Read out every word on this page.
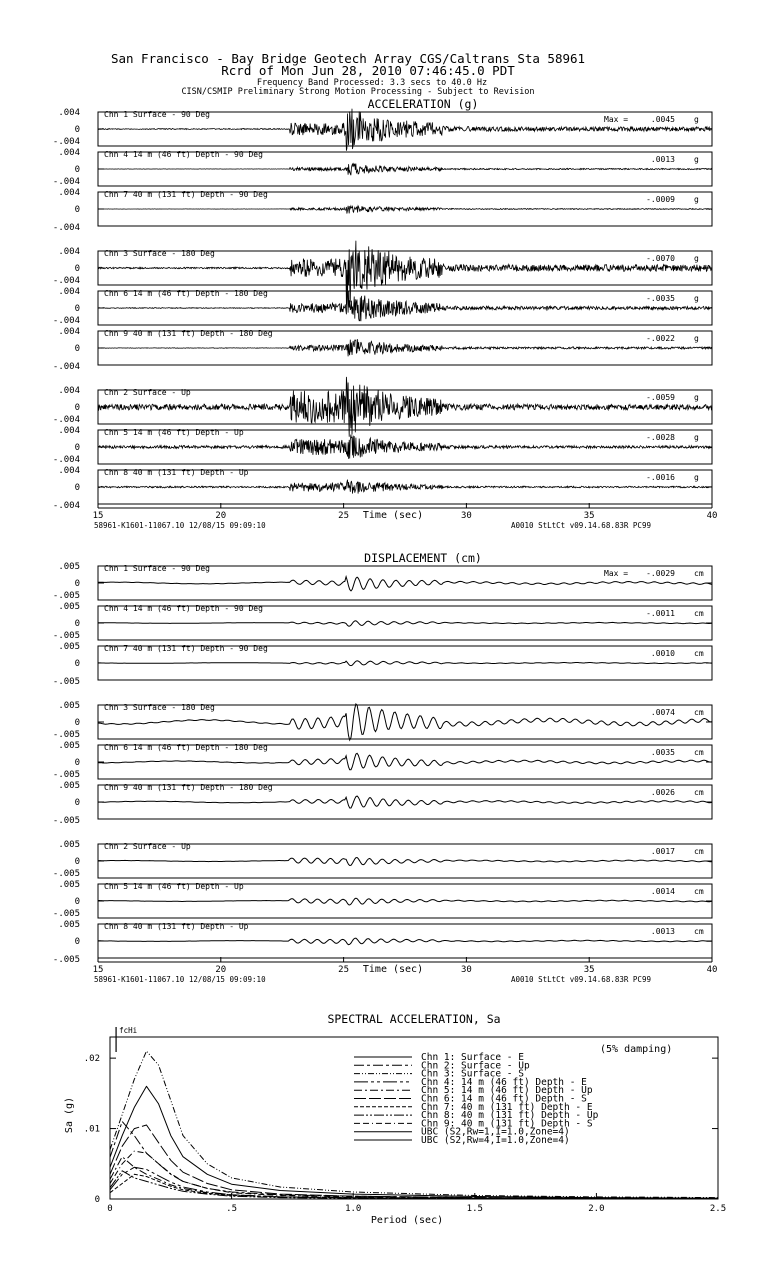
San Francisco - Bay Bridge Geotech Array CGS/Caltrans Sta 58961
Rcrd of Mon Jun 28, 2010 07:46:45.0 PDT
Frequency Band Processed: 3.3 secs to 40.0 Hz
CISN/CSMIP Preliminary Strong Motion Processing - Subject to Revision
ACCELERATION (g)
.004
0
-.004
Chn 1 Surface - 90 Deg
Max =	.0045 g
.004
0
-.004
Chn 4 14 m (46 ft) Depth - 90 Deg
.0013 g
.004
0
-.004
Chn 7 40 m (131 ft) Depth - 90 Deg
-.0009 g
.004
0
-.004
Chn 3 Surface - 180 Deg
-.0070 g
.004
0
-.004
Chn 6 14 m (46 ft) Depth - 180 Deg
-.0035 g
.004
0
-.004
Chn 9 40 m (131 ft) Depth - 180 Deg
-.0022 g
.004
0
-.004
Chn 2 Surface - Up
-.0059 g
.004
0
-.004
Chn 5 14 m (46 ft) Depth - Up
-.0028 g
.004
0
-.004
Chn 8 40 m (131 ft) Depth - Up
-.0016 g
15	20	25	30	35	40
Time (sec)
58961-K1601-11067.10 12/08/15 09:09:10	A0010 StLtCt v09.14.68.83R PC99
DISPLACEMENT (cm)
.005
0
-.005
Chn 1 Surface - 90 Deg
Max = -.0029 cm
.005
0
-.005
Chn 4 14 m (46 ft) Depth - 90 Deg
-.0011 cm
.005
0
-.005
Chn 7 40 m (131 ft) Depth - 90 Deg
.0010 cm
.005
0
-.005
Chn 3 Surface - 180 Deg
.0074 cm
.005
0
-.005
Chn 6 14 m (46 ft) Depth - 180 Deg
.0035 cm
.005
0
-.005
Chn 9 40 m (131 ft) Depth - 180 Deg
.0026 cm
.005
0
-.005
Chn 2 Surface - Up
.0017 cm
.005
0
-.005
Chn 5 14 m (46 ft) Depth - Up
.0014 cm
.005
0
-.005
Chn 8 40 m (131 ft) Depth - Up
.0013 cm
15	20	25	30	35	40
Time (sec)
58961-K1601-11067.10 12/08/15 09:09:10	A0010 StLtCt v09.14.68.83R PC99
SPECTRAL ACCELERATION, Sa
0
.01
.02
0	.5	1.0	1.5	2.0	2.5
Period (sec)
Sa (g)
(5% damping)
fcHi
Chn 1: Surface - E
Chn 2: Surface - Up
Chn 3: Surface - S
Chn 4: 14 m (46 ft) Depth - E
Chn 5: 14 m (46 ft) Depth - Up
Chn 6: 14 m (46 ft) Depth - S
Chn 7: 40 m (131 ft) Depth - E
Chn 8: 40 m (131 ft) Depth - Up
Chn 9: 40 m (131 ft) Depth - S
UBC (S2,Rw=1,I=1.0,Zone=4)
UBC (S2,Rw=4,I=1.0,Zone=4)
